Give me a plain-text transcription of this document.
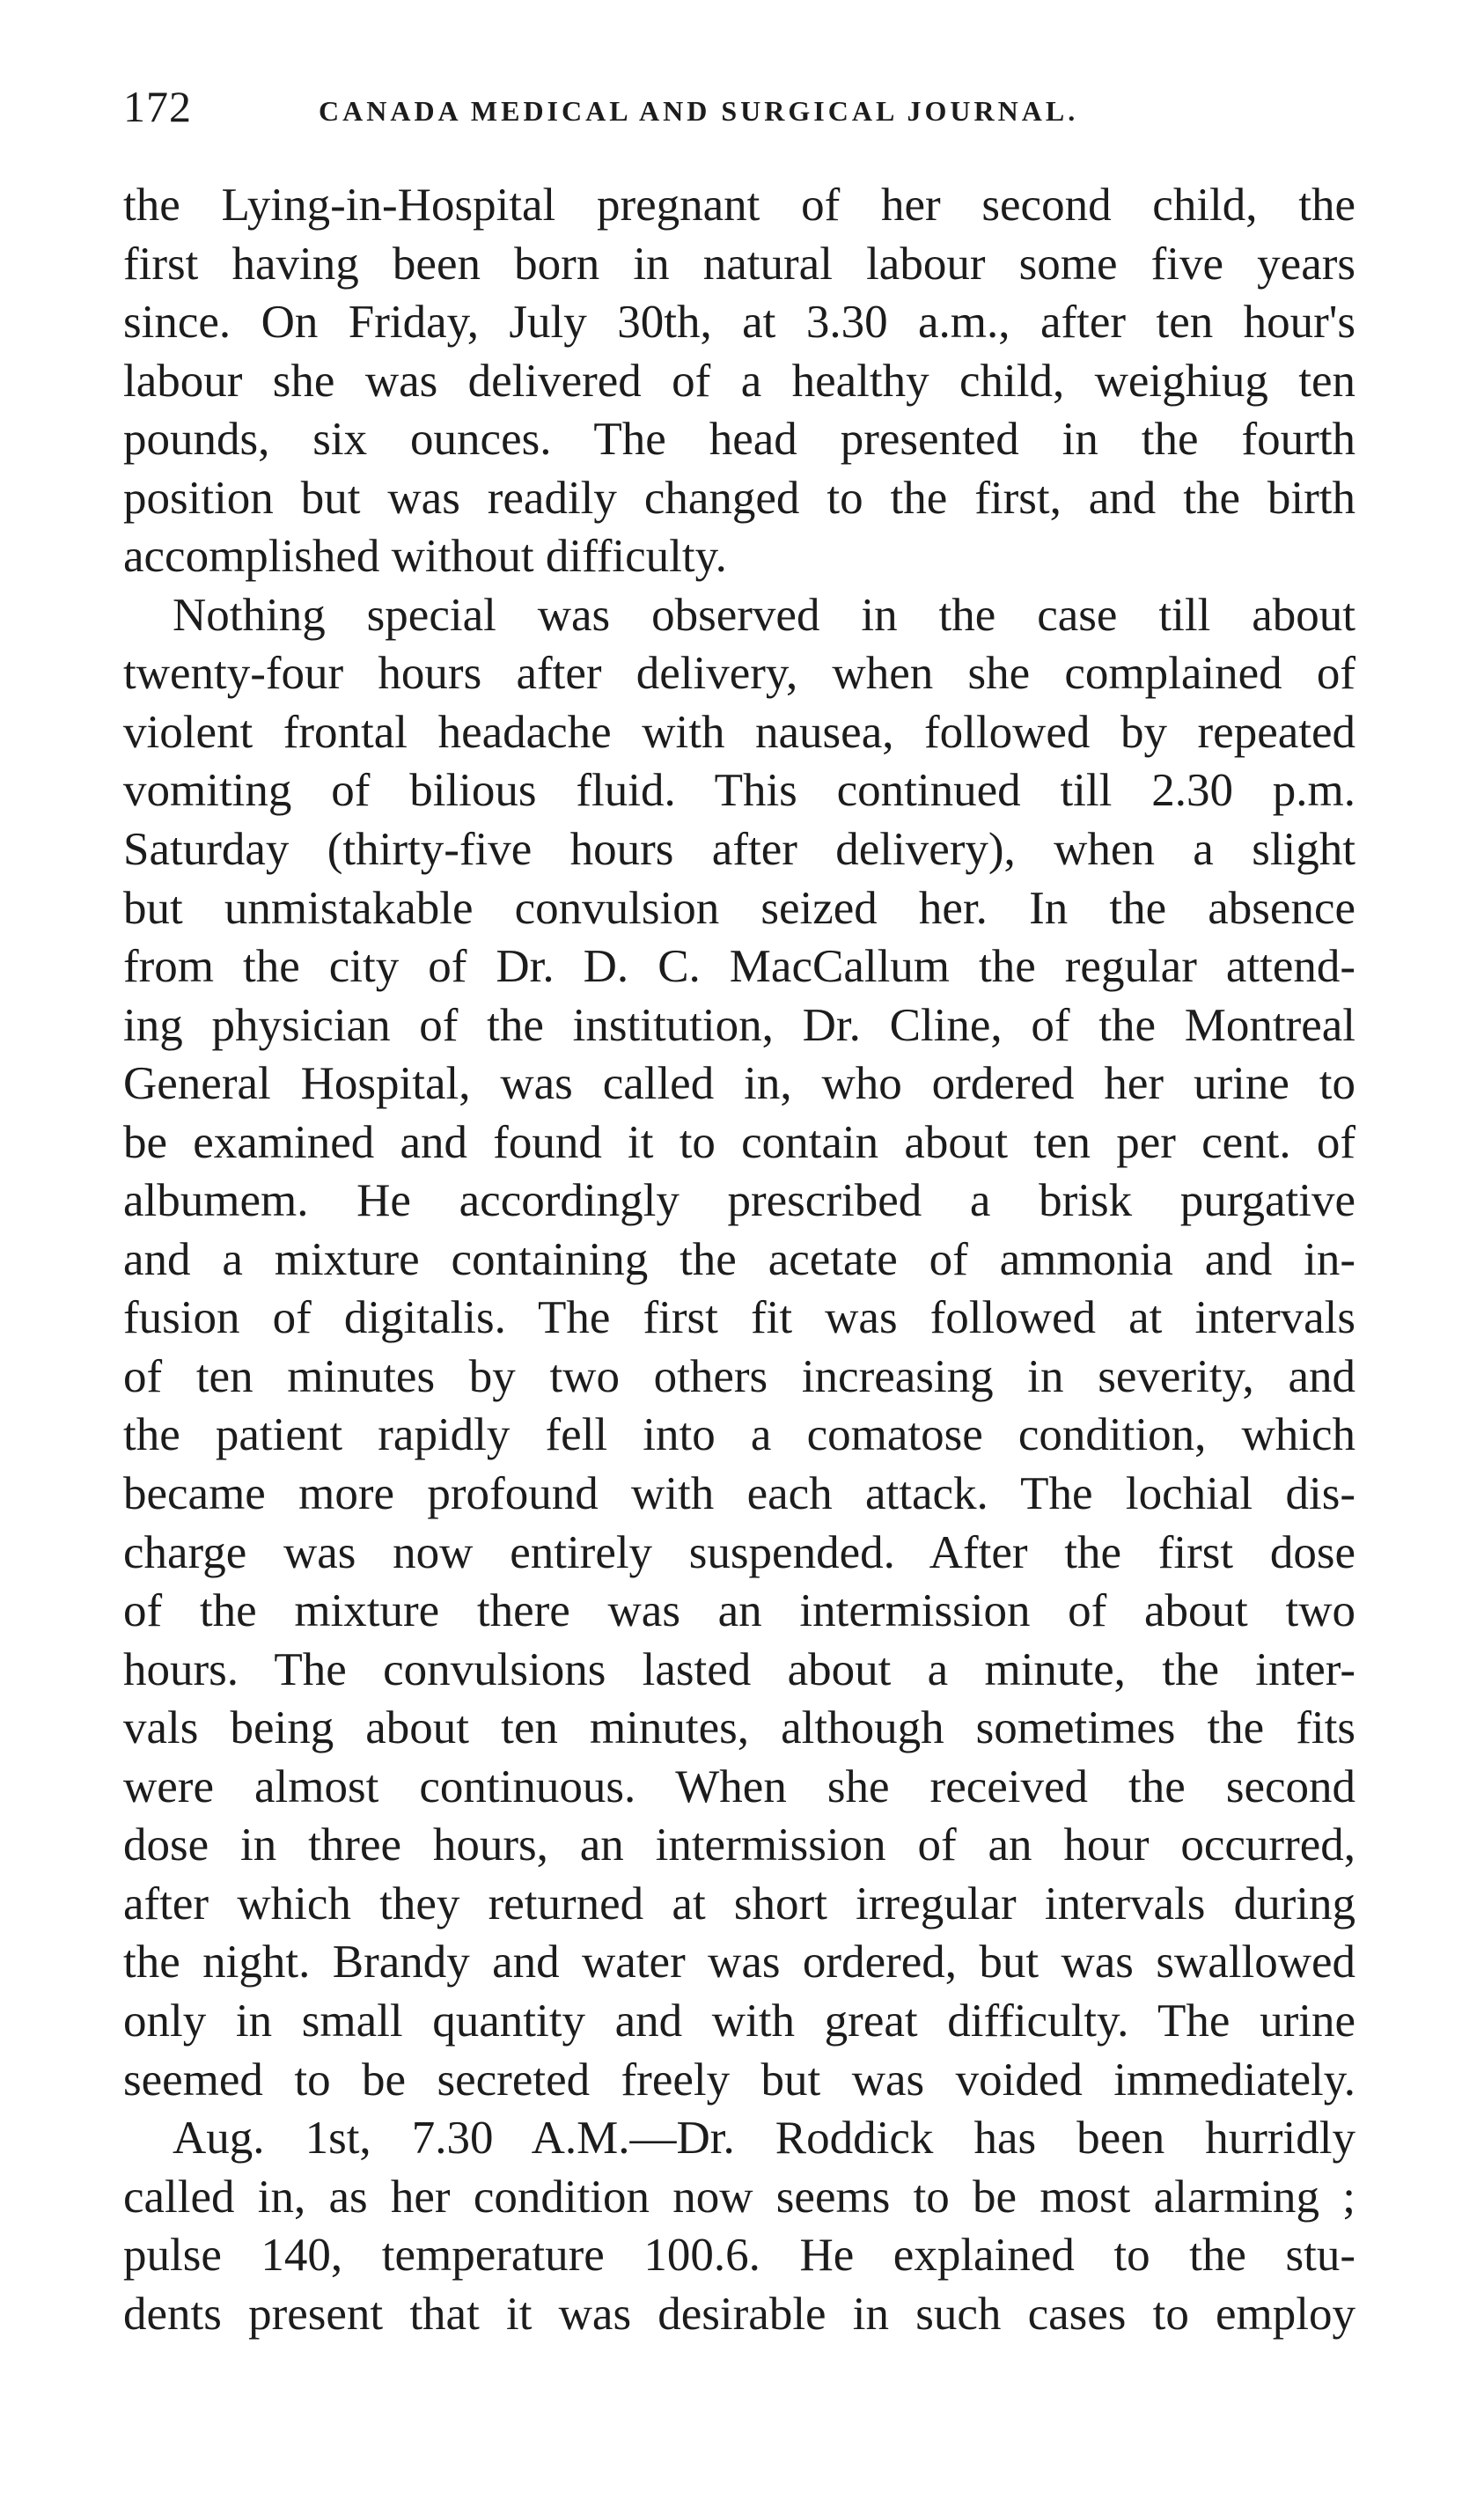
172	CANADA MEDICAL AND SURGICAL JOURNAL.
the Lying-in-Hospital pregnant of her second child, the
first having been born in natural labour some five years
since. On Friday, July 30th, at 3.30 a.m., after ten hour's
labour she was delivered of a healthy child, weighiug ten
pounds, six ounces. The head presented in the fourth
position but was readily changed to the first, and the birth
accomplished without difficulty.
Nothing special was observed in the case till about
twenty-four hours after delivery, when she complained of
violent frontal headache with nausea, followed by repeated
vomiting of bilious fluid. This continued till 2.30 p.m.
Saturday (thirty-five hours after delivery), when a slight
but unmistakable convulsion seized her. In the absence
from the city of Dr. D. C. MacCallum the regular attend-
ing physician of the institution, Dr. Cline, of the Montreal
General Hospital, was called in, who ordered her urine to
be examined and found it to contain about ten per cent. of
albumem. He accordingly prescribed a brisk purgative
and a mixture containing the acetate of ammonia and in-
fusion of digitalis. The first fit was followed at intervals
of ten minutes by two others increasing in severity, and
the patient rapidly fell into a comatose condition, which
became more profound with each attack. The lochial dis-
charge was now entirely suspended. After the first dose
of the mixture there was an intermission of about two
hours. The convulsions lasted about a minute, the inter-
vals being about ten minutes, although sometimes the fits
were almost continuous. When she received the second
dose in three hours, an intermission of an hour occurred,
after which they returned at short irregular intervals during
the night. Brandy and water was ordered, but was swallowed
only in small quantity and with great difficulty. The urine
seemed to be secreted freely but was voided immediately.
Aug. 1st, 7.30 A.M.—Dr. Roddick has been hurridly
called in, as her condition now seems to be most alarming ;
pulse 140, temperature 100.6. He explained to the stu-
dents present that it was desirable in such cases to employ
